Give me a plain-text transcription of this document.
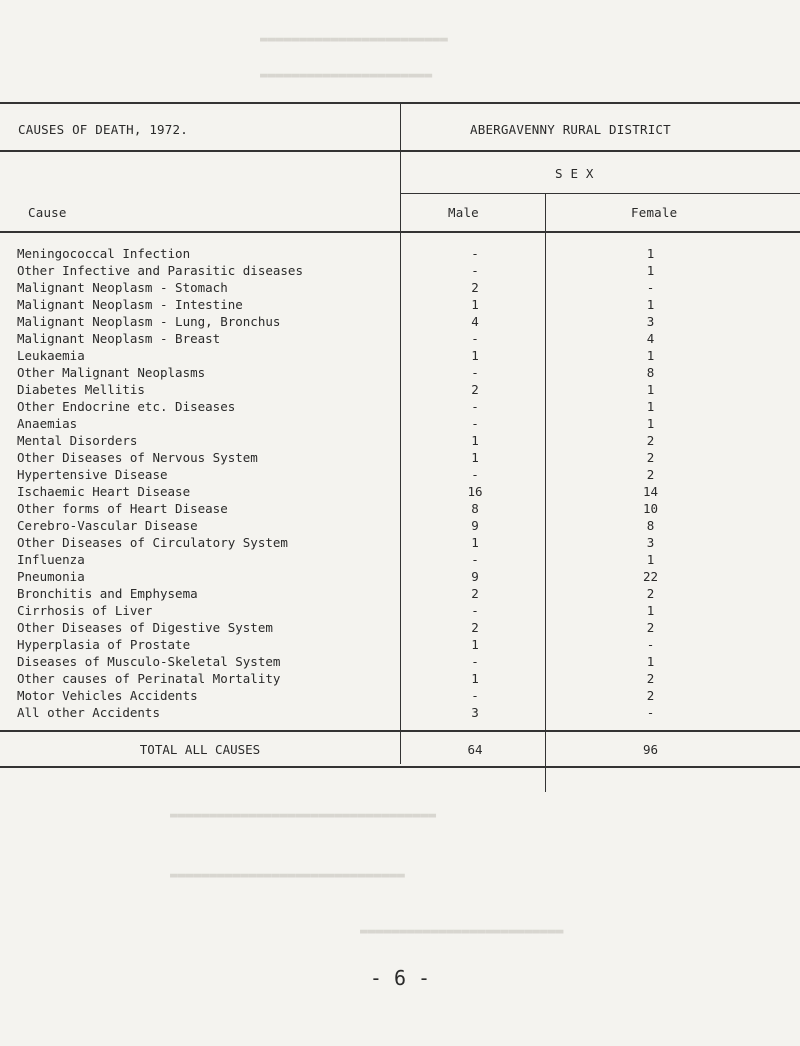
▬▬▬▬▬▬▬▬▬▬▬▬▬▬▬▬▬▬▬▬▬▬▬▬
▬▬▬▬▬▬▬▬▬▬▬▬▬▬▬▬▬▬▬▬▬▬
▬▬▬▬▬▬▬▬▬▬▬▬▬▬▬▬▬▬▬▬▬▬▬▬▬▬▬▬▬▬▬▬▬▬
▬▬▬▬▬▬▬▬▬▬▬▬▬▬▬▬▬▬▬▬▬▬▬▬▬▬▬▬▬▬
▬▬▬▬▬▬▬▬▬▬▬▬▬▬▬▬▬▬▬▬▬▬▬▬▬▬
CAUSES OF DEATH, 1972.	ABERGAVENNY RURAL DISTRICT
S E X
Cause	Male	Female
Meningococcal Infection	-	1
Other Infective and Parasitic diseases	-	1
Malignant Neoplasm - Stomach	2	-
Malignant Neoplasm - Intestine	1	1
Malignant Neoplasm - Lung, Bronchus	4	3
Malignant Neoplasm - Breast	-	4
Leukaemia	1	1
Other Malignant Neoplasms	-	8
Diabetes Mellitis	2	1
Other Endocrine etc. Diseases	-	1
Anaemias	-	1
Mental Disorders	1	2
Other Diseases of Nervous System	1	2
Hypertensive Disease	-	2
Ischaemic Heart Disease	16	14
Other forms of Heart Disease	8	10
Cerebro-Vascular Disease	9	8
Other Diseases of Circulatory System	1	3
Influenza	-	1
Pneumonia	9	22
Bronchitis and Emphysema	2	2
Cirrhosis of Liver	-	1
Other Diseases of Digestive System	2	2
Hyperplasia of Prostate	1	-
Diseases of Musculo-Skeletal System	-	1
Other causes of Perinatal Mortality	1	2
Motor Vehicles Accidents	-	2
All other Accidents	3	-
TOTAL ALL CAUSES	64	96
- 6 -
